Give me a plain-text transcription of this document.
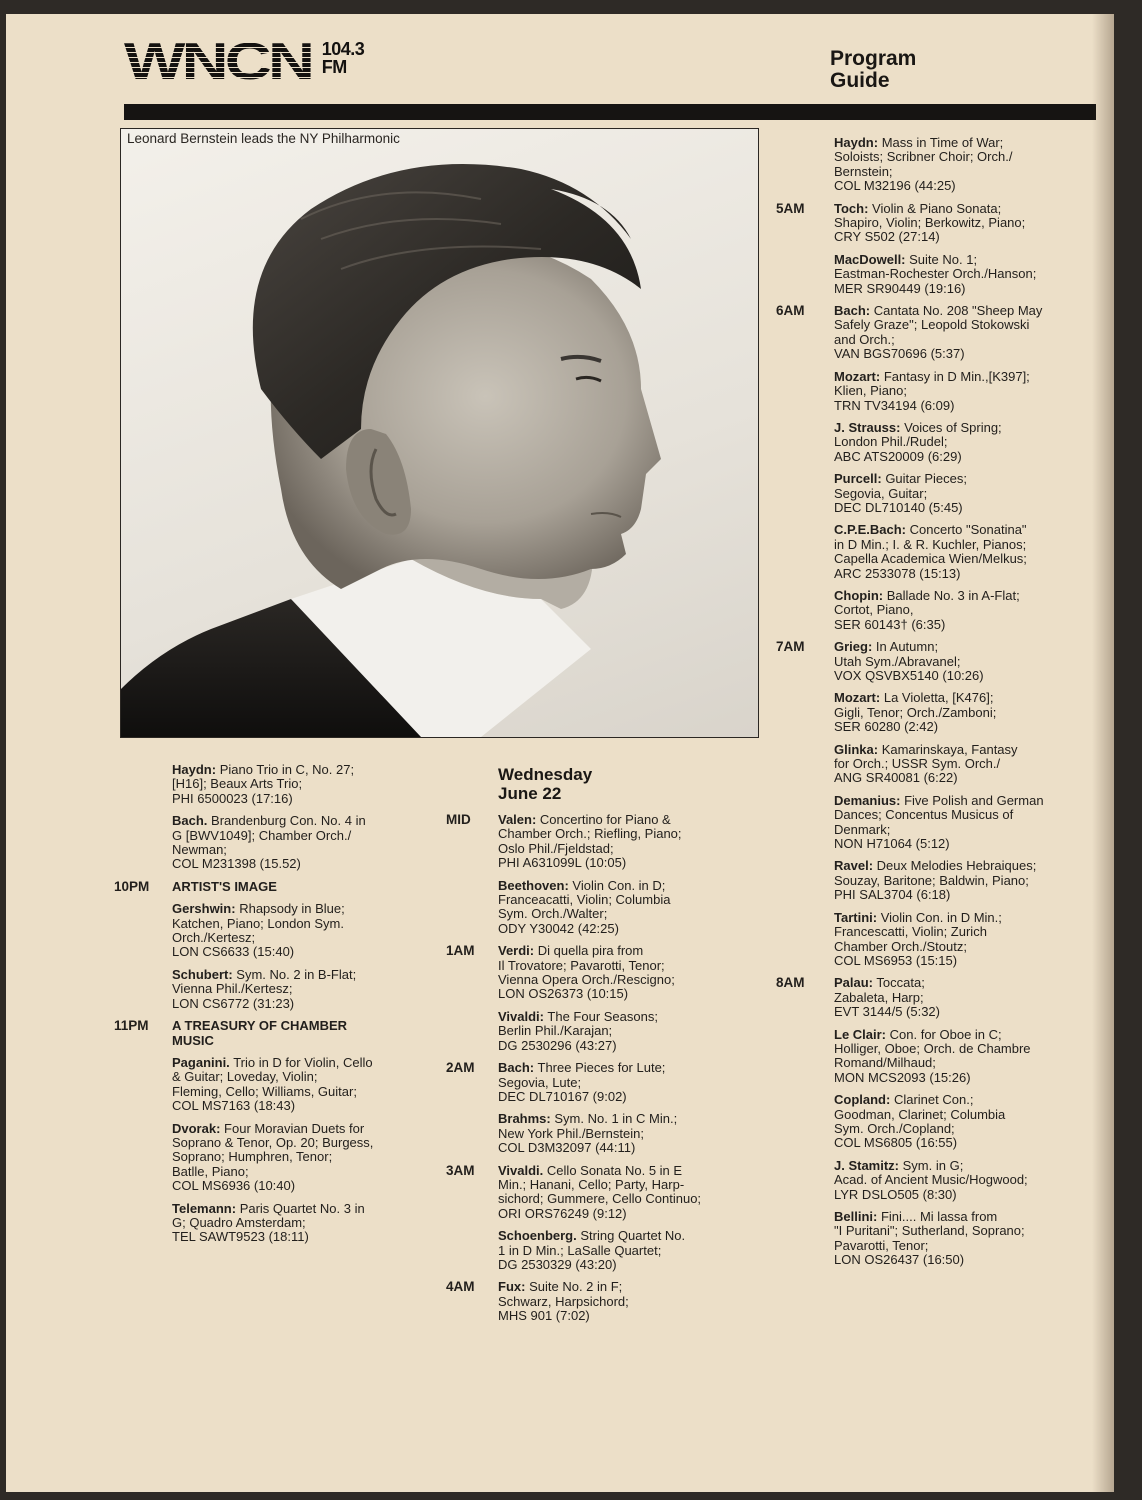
WNCN 104.3
FM	Program
Guide
Leonard Bernstein leads the NY Philharmonic
Haydn: Piano Trio in C, No. 27;
[H16]; Beaux Arts Trio;
PHI 6500023 (17:16)
Bach. Brandenburg Con. No. 4 in
G [BWV1049]; Chamber Orch./
Newman;
COL M231398 (15.52)
10PM ARTIST'S IMAGE
Gershwin: Rhapsody in Blue;
Katchen, Piano; London Sym.
Orch./Kertesz;
LON CS6633 (15:40)
Schubert: Sym. No. 2 in B-Flat;
Vienna Phil./Kertesz;
LON CS6772 (31:23)
11PM A TREASURY OF CHAMBER
MUSIC
Paganini. Trio in D for Violin, Cello
& Guitar; Loveday, Violin;
Fleming, Cello; Williams, Guitar;
COL MS7163 (18:43)
Dvorak: Four Moravian Duets for
Soprano & Tenor, Op. 20; Burgess,
Soprano; Humphren, Tenor;
Batlle, Piano;
COL MS6936 (10:40)
Telemann: Paris Quartet No. 3 in
G; Quadro Amsterdam;
TEL SAWT9523 (18:11)
Wednesday
June 22
MID Valen: Concertino for Piano &
Chamber Orch.; Riefling, Piano;
Oslo Phil./Fjeldstad;
PHI A631099L (10:05)
Beethoven: Violin Con. in D;
Franceacatti, Violin; Columbia
Sym. Orch./Walter;
ODY Y30042 (42:25)
1AM Verdi: Di quella pira from
Il Trovatore; Pavarotti, Tenor;
Vienna Opera Orch./Rescigno;
LON OS26373 (10:15)
Vivaldi: The Four Seasons;
Berlin Phil./Karajan;
DG 2530296 (43:27)
2AM Bach: Three Pieces for Lute;
Segovia, Lute;
DEC DL710167 (9:02)
Brahms: Sym. No. 1 in C Min.;
New York Phil./Bernstein;
COL D3M32097 (44:11)
3AM Vivaldi. Cello Sonata No. 5 in E
Min.; Hanani, Cello; Party, Harp-
sichord; Gummere, Cello Continuo;
ORI ORS76249 (9:12)
Schoenberg. String Quartet No.
1 in D Min.; LaSalle Quartet;
DG 2530329 (43:20)
4AM Fux: Suite No. 2 in F;
Schwarz, Harpsichord;
MHS 901 (7:02)
Haydn: Mass in Time of War;
Soloists; Scribner Choir; Orch./
Bernstein;
COL M32196 (44:25)
5AM Toch: Violin & Piano Sonata;
Shapiro, Violin; Berkowitz, Piano;
CRY S502 (27:14)
MacDowell: Suite No. 1;
Eastman-Rochester Orch./Hanson;
MER SR90449 (19:16)
6AM Bach: Cantata No. 208 "Sheep May
Safely Graze"; Leopold Stokowski
and Orch.;
VAN BGS70696 (5:37)
Mozart: Fantasy in D Min.,[K397];
Klien, Piano;
TRN TV34194 (6:09)
J. Strauss: Voices of Spring;
London Phil./Rudel;
ABC ATS20009 (6:29)
Purcell: Guitar Pieces;
Segovia, Guitar;
DEC DL710140 (5:45)
C.P.E.Bach: Concerto "Sonatina"
in D Min.; I. & R. Kuchler, Pianos;
Capella Academica Wien/Melkus;
ARC 2533078 (15:13)
Chopin: Ballade No. 3 in A-Flat;
Cortot, Piano,
SER 60143† (6:35)
7AM Grieg: In Autumn;
Utah Sym./Abravanel;
VOX QSVBX5140 (10:26)
Mozart: La Violetta, [K476];
Gigli, Tenor; Orch./Zamboni;
SER 60280 (2:42)
Glinka: Kamarinskaya, Fantasy
for Orch.; USSR Sym. Orch./
ANG SR40081 (6:22)
Demanius: Five Polish and German
Dances; Concentus Musicus of
Denmark;
NON H71064 (5:12)
Ravel: Deux Melodies Hebraiques;
Souzay, Baritone; Baldwin, Piano;
PHI SAL3704 (6:18)
Tartini: Violin Con. in D Min.;
Francescatti, Violin; Zurich
Chamber Orch./Stoutz;
COL MS6953 (15:15)
8AM Palau: Toccata;
Zabaleta, Harp;
EVT 3144/5 (5:32)
Le Clair: Con. for Oboe in C;
Holliger, Oboe; Orch. de Chambre
Romand/Milhaud;
MON MCS2093 (15:26)
Copland: Clarinet Con.;
Goodman, Clarinet; Columbia
Sym. Orch./Copland;
COL MS6805 (16:55)
J. Stamitz: Sym. in G;
Acad. of Ancient Music/Hogwood;
LYR DSLO505 (8:30)
Bellini: Fini.... Mi lassa from
"I Puritani"; Sutherland, Soprano;
Pavarotti, Tenor;
LON OS26437 (16:50)
